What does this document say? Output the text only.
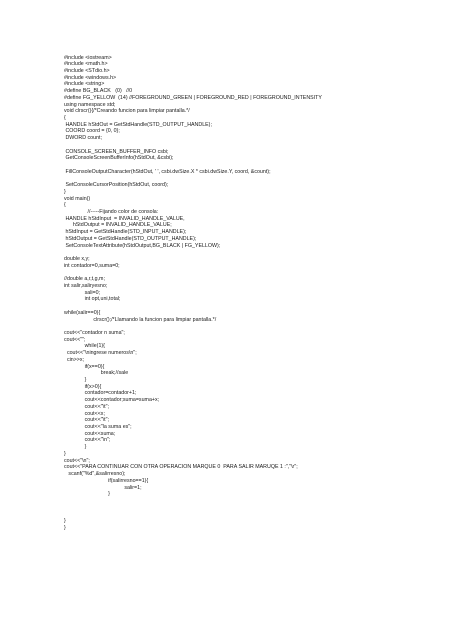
#include <iostream>
#include <math.h>
#include <STdio.h>
#include <windows.h>
#include <string>
#define BG_BLACK   (0)   //0
#define FG_YELLOW  (14) //FOREGROUND_GREEN | FOREGROUND_RED | FOREGROUND_INTENSITY
using namespace std;
void clrscr(){/*Creando funcion para limpiar pantalla.*/
{
HANDLE hStdOut = GetStdHandle(STD_OUTPUT_HANDLE);
COORD coord = {0, 0};
DWORD count;
CONSOLE_SCREEN_BUFFER_INFO csbi;
GetConsoleScreenBufferInfo(hStdOut, &csbi);
FillConsoleOutputCharacter(hStdOut, ' ', csbi.dwSize.X * csbi.dwSize.Y, coord, &count);
SetConsoleCursorPosition(hStdOut, coord);
}
void main()
{
//-----Fijando color de consola:
HANDLE hStdInput  = INVALID_HANDLE_VALUE,
hStdOutput = INVALID_HANDLE_VALUE;
hStdInput = GetStdHandle(STD_INPUT_HANDLE);
hStdOutput = GetStdHandle(STD_OUTPUT_HANDLE);
SetConsoleTextAttribute(hStdOutput,BG_BLACK | FG_YELLOW);
double x,y;
int contador=0,suma=0;
//double a,r,t,g,m;
int salir,saliryesno;
sali=0;
int opt,uni,total;
while(salir==0){
clrscr();/*Llamando la funcion para limpiar pantalla.*/
cout<<"contador n suma";
cout<<"";
while(1){
cout<<"\ningrese numeros\n";
cin>>x;
if(x==0){
break;//sale
}
if(x>0){
contador=contador+1;
cout<<contador;suma=suma+x;
cout<<"\t";
cout<<x;
cout<<"\t";
cout<<"la suma es";
cout<<suma;
cout<<"\n";
}
}
cout<<"\n";
cout<<"PARA CONTINUAR CON OTRA OPERACION MARQUE 0  PARA SALIR MARUQE 1 :","\r";
scanf("%d",&salirresno);
if(salirresno==1){
salir=1;
}
}
}
